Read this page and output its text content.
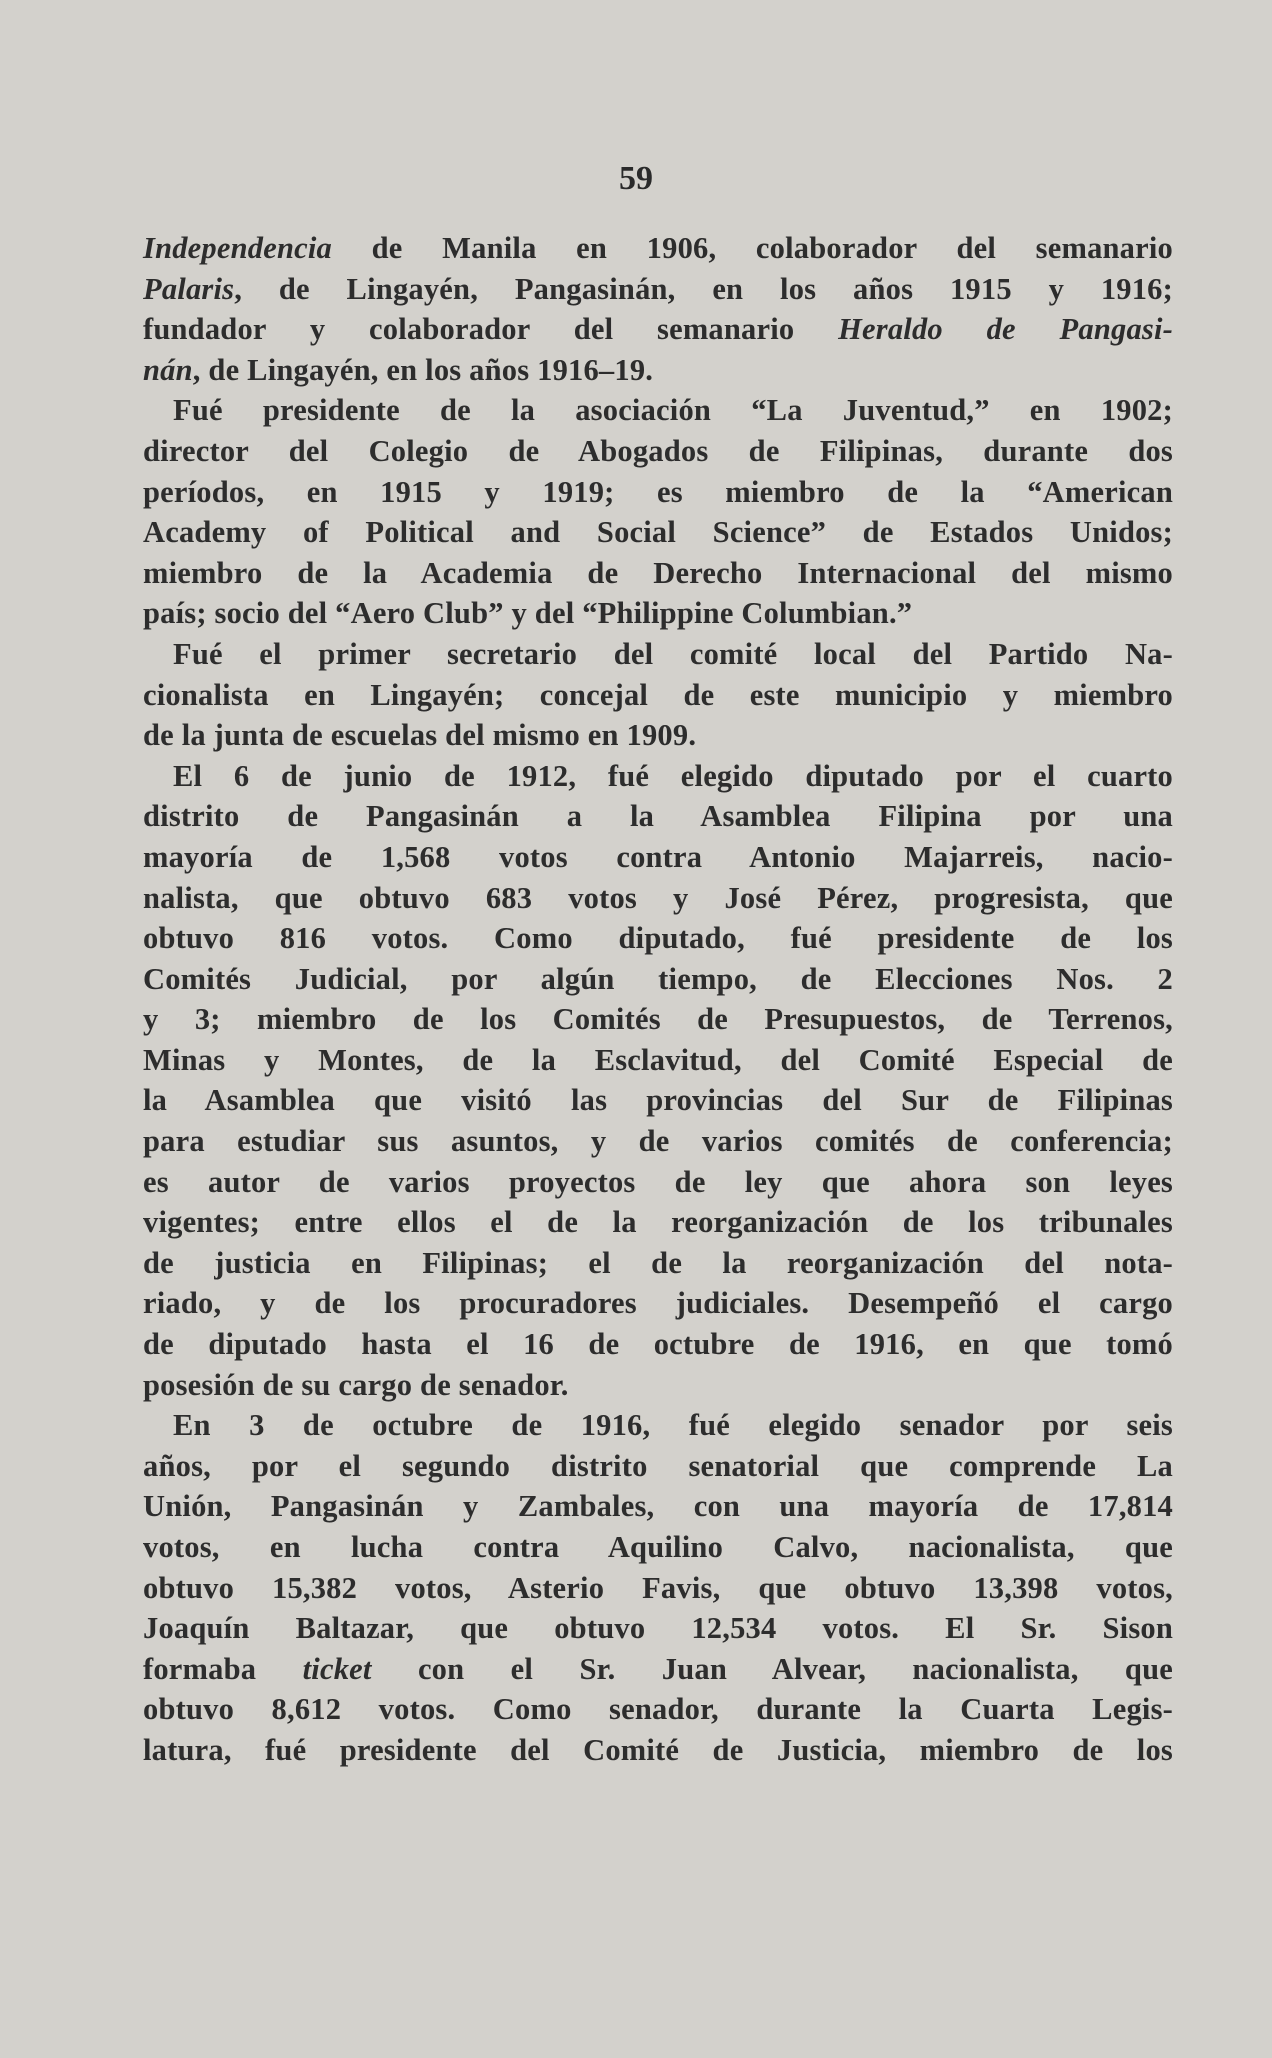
59
Independencia de Manila en 1906, colaborador del semanario
Palaris, de Lingayén, Pangasinán, en los años 1915 y 1916;
fundador y colaborador del semanario Heraldo de Pangasi-
nán, de Lingayén, en los años 1916–19.
Fué presidente de la asociación “La Juventud,” en 1902;
director del Colegio de Abogados de Filipinas, durante dos
períodos, en 1915 y 1919; es miembro de la “American
Academy of Political and Social Science” de Estados Unidos;
miembro de la Academia de Derecho Internacional del mismo
país; socio del “Aero Club” y del “Philippine Columbian.”
Fué el primer secretario del comité local del Partido Na-
cionalista en Lingayén; concejal de este municipio y miembro
de la junta de escuelas del mismo en 1909.
El 6 de junio de 1912, fué elegido diputado por el cuarto
distrito de Pangasinán a la Asamblea Filipina por una
mayoría de 1,568 votos contra Antonio Majarreis, nacio-
nalista, que obtuvo 683 votos y José Pérez, progresista, que
obtuvo 816 votos. Como diputado, fué presidente de los
Comités Judicial, por algún tiempo, de Elecciones Nos. 2
y 3; miembro de los Comités de Presupuestos, de Terrenos,
Minas y Montes, de la Esclavitud, del Comité Especial de
la Asamblea que visitó las provincias del Sur de Filipinas
para estudiar sus asuntos, y de varios comités de conferencia;
es autor de varios proyectos de ley que ahora son leyes
vigentes; entre ellos el de la reorganización de los tribunales
de justicia en Filipinas; el de la reorganización del nota-
riado, y de los procuradores judiciales. Desempeñó el cargo
de diputado hasta el 16 de octubre de 1916, en que tomó
posesión de su cargo de senador.
En 3 de octubre de 1916, fué elegido senador por seis
años, por el segundo distrito senatorial que comprende La
Unión, Pangasinán y Zambales, con una mayoría de 17,814
votos, en lucha contra Aquilino Calvo, nacionalista, que
obtuvo 15,382 votos, Asterio Favis, que obtuvo 13,398 votos,
Joaquín Baltazar, que obtuvo 12,534 votos. El Sr. Sison
formaba ticket con el Sr. Juan Alvear, nacionalista, que
obtuvo 8,612 votos. Como senador, durante la Cuarta Legis-
latura, fué presidente del Comité de Justicia, miembro de los
